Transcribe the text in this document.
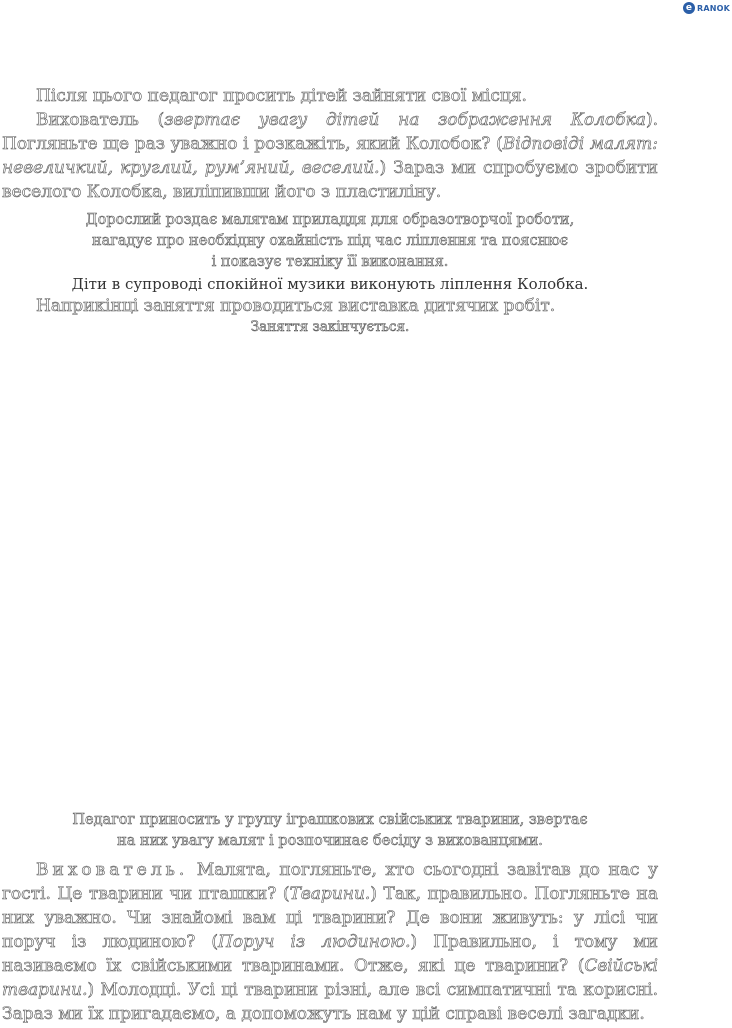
e RANOK

Після цього педагог просить дітей зайняти свої місця.

Вихователь (звертає увагу дітей на зображення Колобка). Погляньте ще раз уважно і розкажіть, який Колобок? (Відповіді малят: невеличкий, круглий, рум’яний, веселий.) Зараз ми спробуємо зробити веселого Колобка, виліпивши його з пластиліну.

Дорослий роздає малятам приладдя для образотворчої роботи,
нагадує про необхідну охайність під час ліплення та пояснює
і показує техніку її виконання.

Діти в супроводі спокійної музики виконують ліплення Колобка.

Наприкінці заняття проводиться виставка дитячих робіт.

Заняття закінчується.

Педагог приносить у групу іграшкових свійських тварини, звертає
на них увагу малят і розпочинає бесіду з вихованцями.

Вихователь. Малята, погляньте, хто сьогодні завітав до нас у гості. Це тварини чи пташки? (Тварини.) Так, правильно. Погляньте на них уважно. Чи знайомі вам ці тварини? Де вони живуть: у лісі чи поруч із людиною? (Поруч із людиною.) Правильно, і тому ми називаємо їх свійськими тваринами. Отже, які це тварини? (Свійські тварини.) Молодці. Усі ці тварини різні, але всі симпатичні та корисні. Зараз ми їх пригадаємо, а допоможуть нам у цій справі веселі загадки.
